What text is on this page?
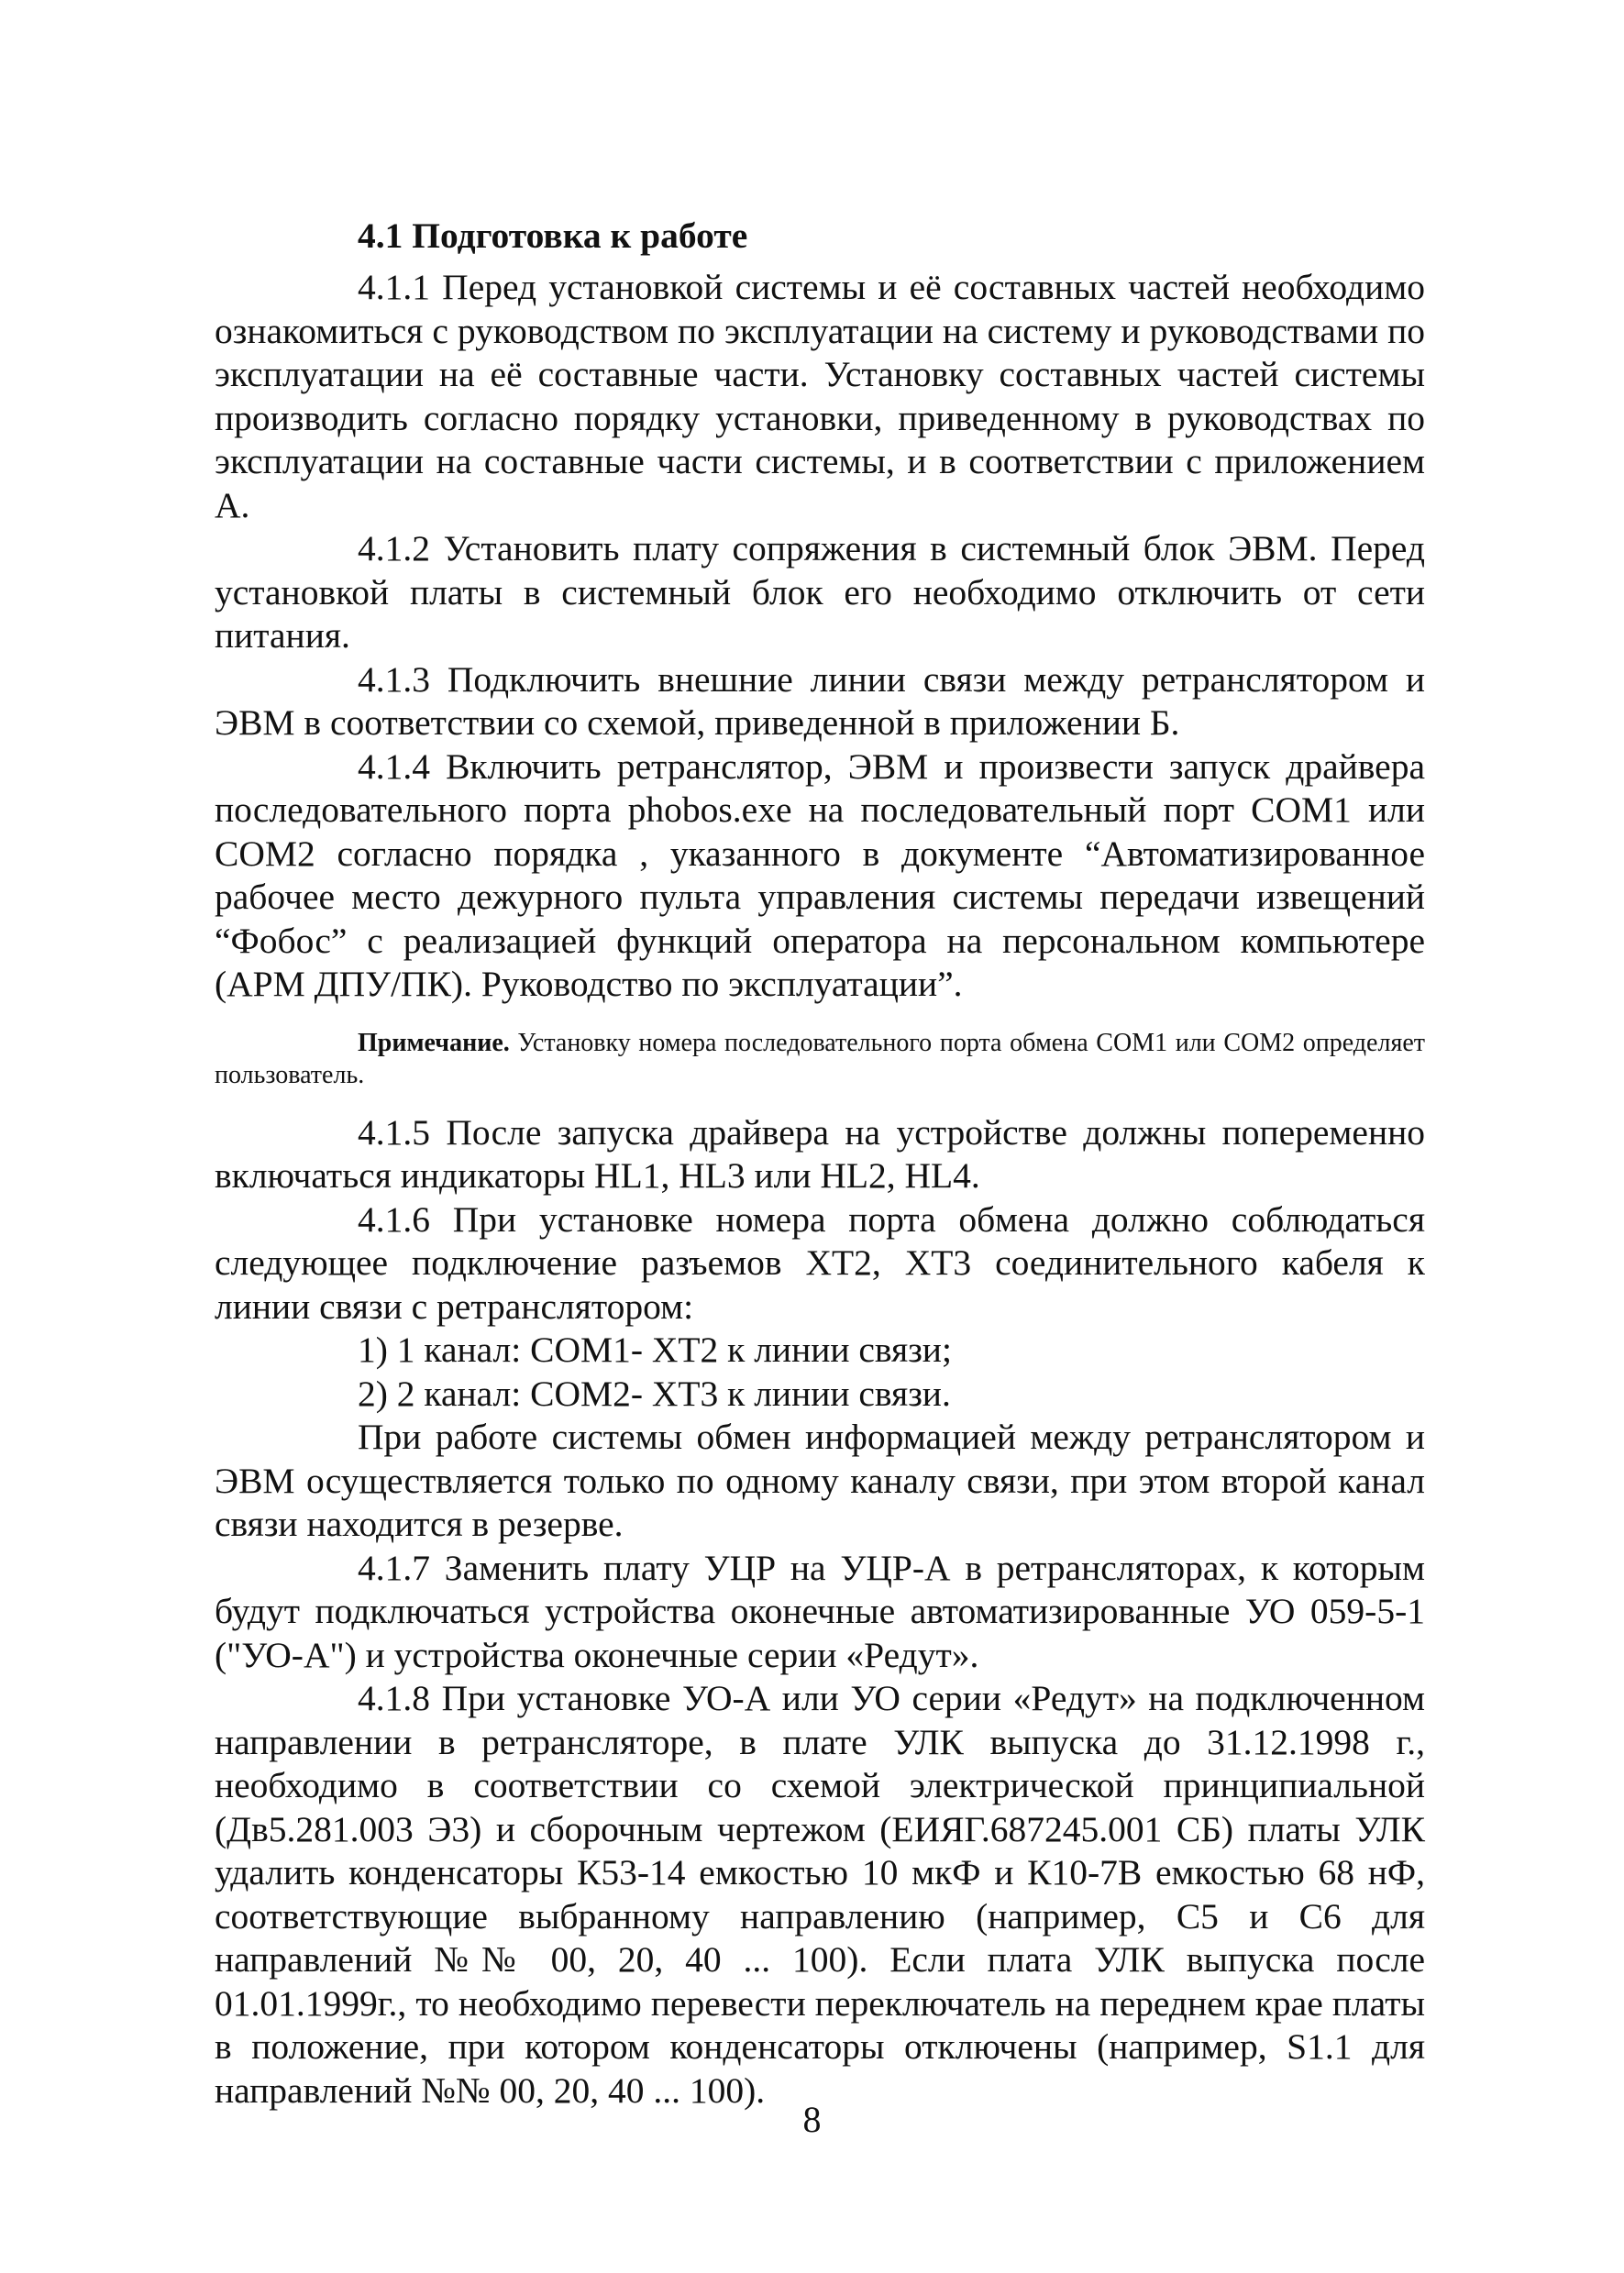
4.1 Подготовка к работе

4.1.1 Перед установкой системы и её составных частей необходимо ознакомиться с руководством по эксплуатации на систему и руководствами по эксплуатации на её составные части. Установку составных частей системы производить согласно порядку установки, приведенному в руководствах по эксплуатации на составные части системы, и в соответствии с приложением А.

4.1.2 Установить плату сопряжения в системный блок ЭВМ. Перед установкой платы в системный блок его необходимо отключить от сети питания.

4.1.3 Подключить внешние линии связи между ретранслятором и ЭВМ в соответствии со схемой, приведенной в приложении Б.

4.1.4 Включить ретранслятор, ЭВМ и произвести запуск драйвера последовательного порта phobos.exe на последовательный порт COM1 или COM2 согласно порядка , указанного в документе “Автоматизированное рабочее место дежурного пульта управления системы передачи извещений “Фобос” с реализацией функций оператора на персональном компьютере (АРМ ДПУ/ПК). Руководство по эксплуатации”.

Примечание. Установку номера последовательного порта обмена COM1 или COM2 определяет пользователь.

4.1.5 После запуска драйвера на устройстве должны попеременно включаться индикаторы HL1, HL3 или HL2, HL4.

4.1.6 При установке номера порта обмена должно соблюдаться следующее подключение разъемов XT2, XT3 соединительного кабеля к линии связи с ретранслятором:

1) 1 канал: COM1- XT2 к линии связи;

2) 2 канал: COM2- XT3 к линии связи.

При работе системы обмен информацией между ретранслятором и ЭВМ осуществляется только по одному каналу связи, при этом второй канал связи находится в резерве.

4.1.7 Заменить плату УЦР на УЦР-А в ретрансляторах, к которым будут подключаться устройства оконечные автоматизированные УО 059-5-1 ("УО-А") и устройства оконечные серии «Редут».

4.1.8 При установке УО-А или УО серии «Редут» на подключенном направлении в ретрансляторе, в плате УЛК выпуска до 31.12.1998 г., необходимо в соответствии со схемой электрической принципиальной (Дв5.281.003 Э3) и сборочным чертежом (ЕИЯГ.687245.001 СБ) платы УЛК удалить конденсаторы К53-14 емкостью 10 мкФ и К10-7В емкостью 68 нФ, соответствующие выбранному направлению (например, С5 и С6 для направлений №№ 00, 20, 40 ... 100). Если плата УЛК выпуска после 01.01.1999г., то необходимо перевести переключатель на переднем крае платы в положение, при котором конденсаторы отключены (например, S1.1 для направлений №№ 00, 20, 40 ... 100).

8
